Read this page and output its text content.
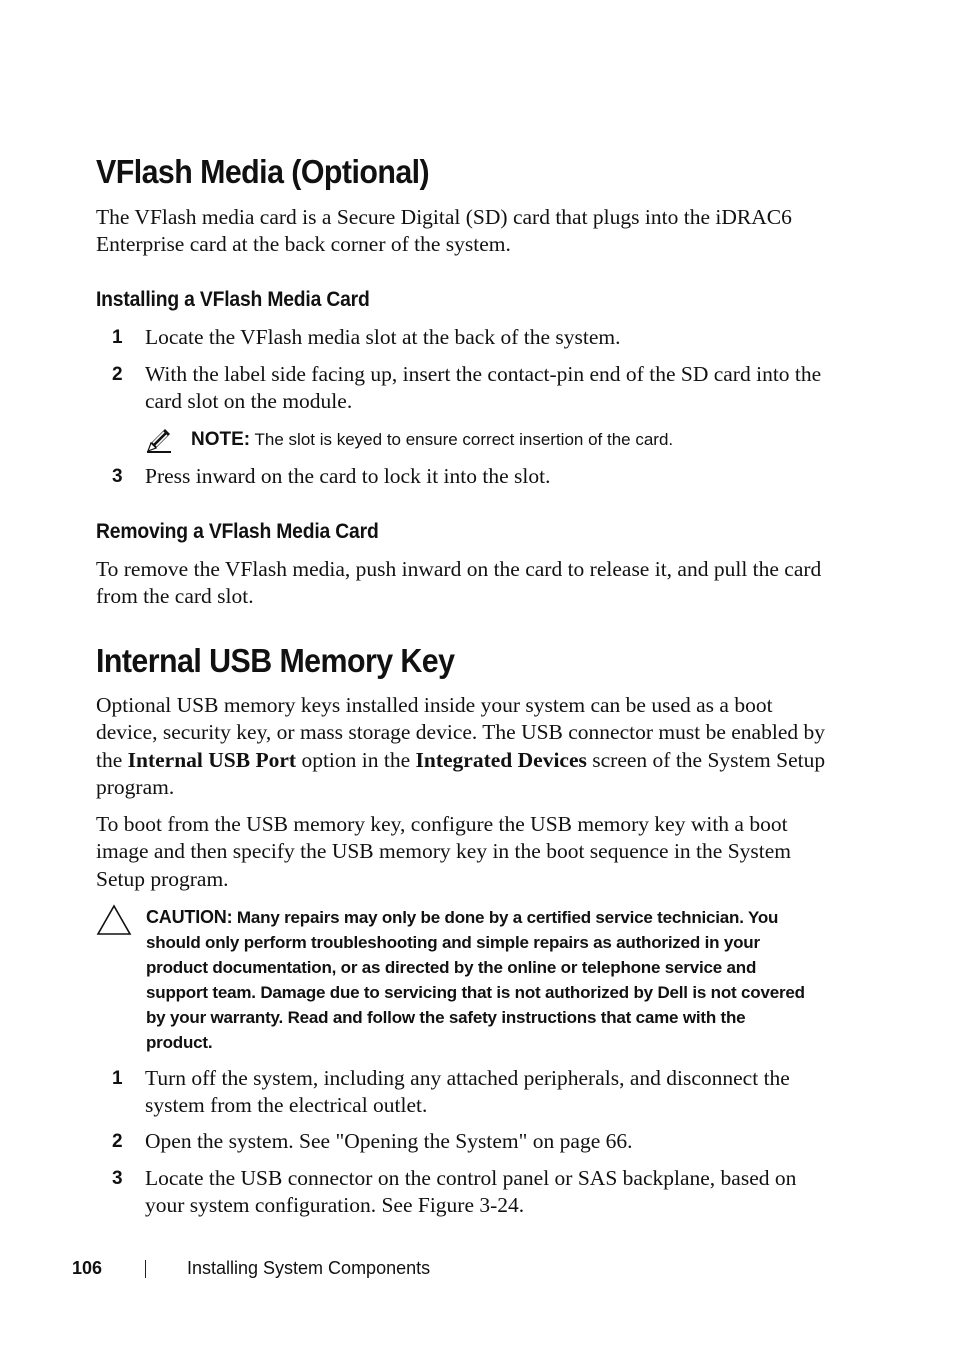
VFlash Media (Optional)

The VFlash media card is a Secure Digital (SD) card that plugs into the iDRAC6 Enterprise card at the back corner of the system.

Installing a VFlash Media Card
1 Locate the VFlash media slot at the back of the system.

2 With the label side facing up, insert the contact-pin end of the SD card into the card slot on the module.

NOTE: The slot is keyed to ensure correct insertion of the card.
3 Press inward on the card to lock it into the slot.

Removing a VFlash Media Card

To remove the VFlash media, push inward on the card to release it, and pull the card from the card slot.

Internal USB Memory Key

Optional USB memory keys installed inside your system can be used as a boot device, security key, or mass storage device. The USB connector must be enabled by the Internal USB Port option in the Integrated Devices screen of the System Setup program.

To boot from the USB memory key, configure the USB memory key with a boot image and then specify the USB memory key in the boot sequence in the System Setup program.

CAUTION: Many repairs may only be done by a certified service technician. You should only perform troubleshooting and simple repairs as authorized in your product documentation, or as directed by the online or telephone service and support team. Damage due to servicing that is not authorized by Dell is not covered by your warranty. Read and follow the safety instructions that came with the product.
1 Turn off the system, including any attached peripherals, and disconnect the system from the electrical outlet.

2 Open the system. See "Opening the System" on page 66.

3 Locate the USB connector on the control panel or SAS backplane, based on your system configuration. See Figure 3-24.

106	Installing System Components
